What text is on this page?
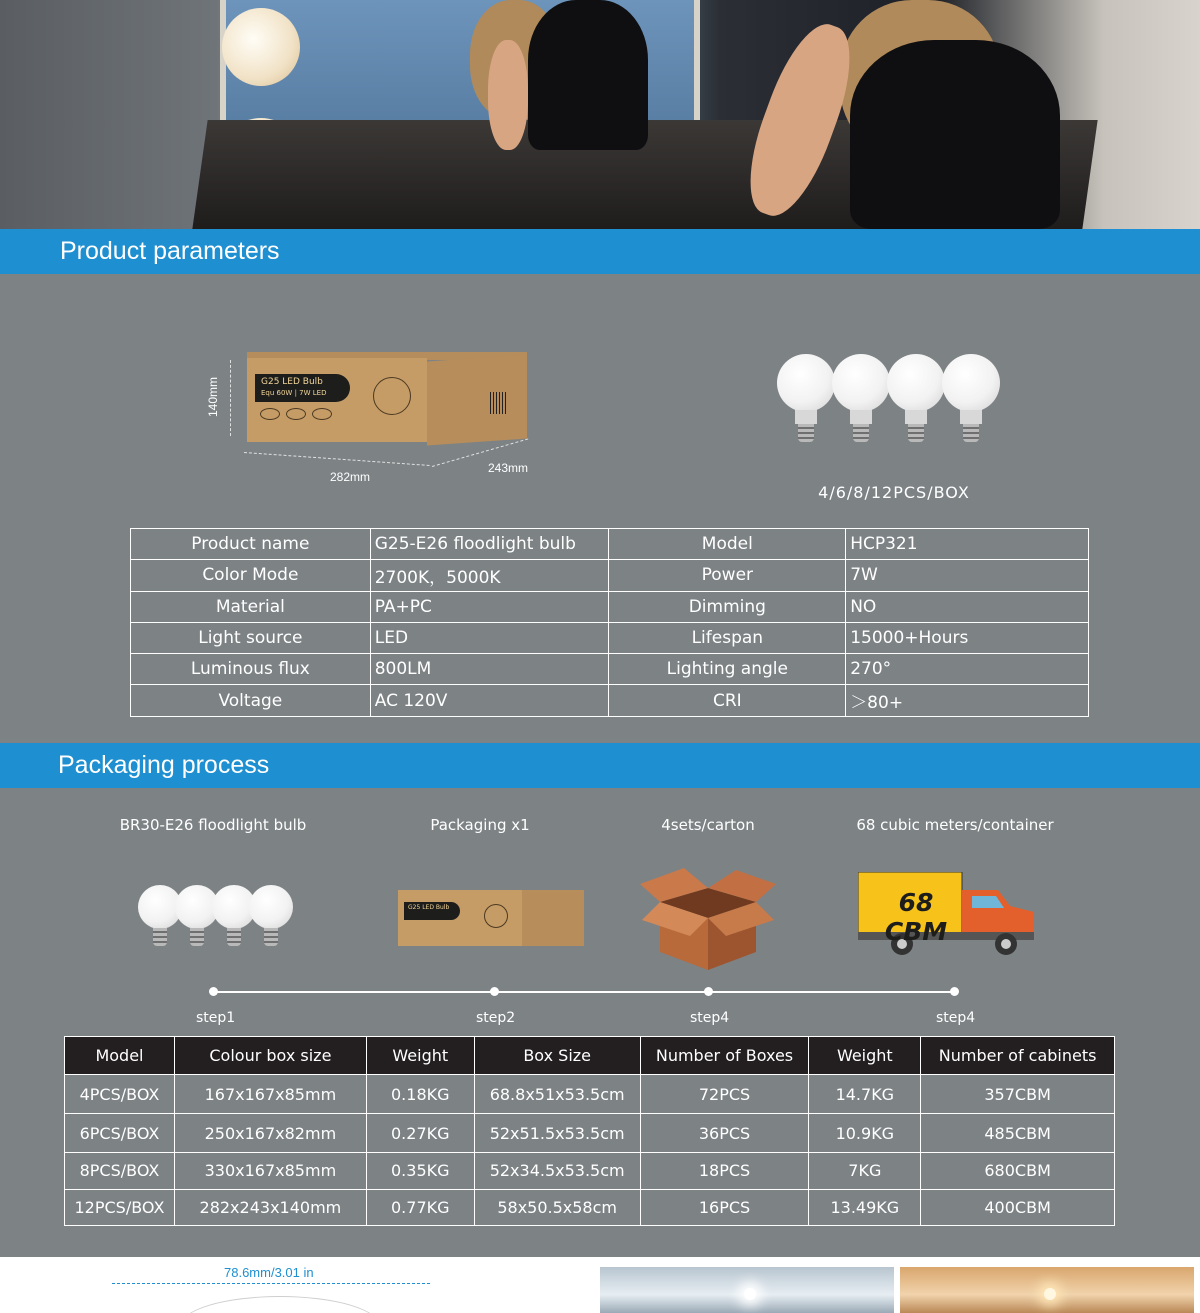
Product parameters
140mm
282mm
243mm
G25 LED Bulb
Equ 60W | 7W LED
4/6/8/12PCS/BOX
Product name	G25-E26 floodlight bulb	Model	HCP321
Color Mode	2700K，5000K	Power	7W
Material	PA+PC	Dimming	NO
Light source	LED	Lifespan	15000+Hours
Luminous flux	800LM	Lighting angle	270°
Voltage	AC 120V	CRI	＞80+
Packaging process
BR30-E26 floodlight bulb	Packaging x1	4sets/carton	68 cubic meters/container
G25 LED Bulb	68 CBM
step1	step2	step4	step4
Model	Colour box size	Weight	Box Size	Number of Boxes	Weight	Number of cabinets
4PCS/BOX	167x167x85mm	0.18KG	68.8x51x53.5cm	72PCS	14.7KG	357CBM
6PCS/BOX	250x167x82mm	0.27KG	52x51.5x53.5cm	36PCS	10.9KG	485CBM
8PCS/BOX	330x167x85mm	0.35KG	52x34.5x53.5cm	18PCS	7KG	680CBM
12PCS/BOX	282x243x140mm	0.77KG	58x50.5x58cm	16PCS	13.49KG	400CBM
78.6mm/3.01 in
